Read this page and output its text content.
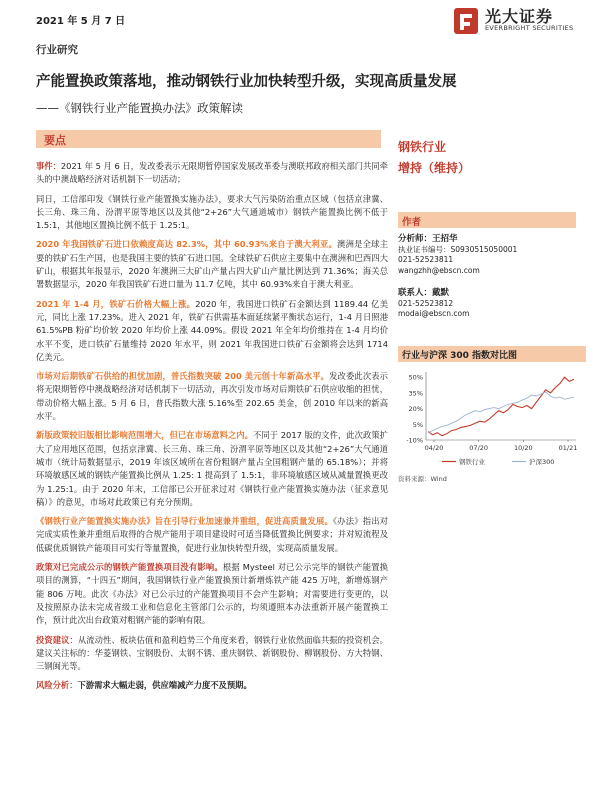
2021 年 5 月 7 日	光大证券
EVERBRIGHT SECURITIES
行业研究
产能置换政策落地，推动钢铁行业加快转型升级，实现高质量发展
——《钢铁行业产能置换办法》政策解读
要点

事件：2021 年 5 月 6 日，发改委表示无限期暂停国家发展改革委与澳联邦政府相关部门共同牵头的中澳战略经济对话机制下一切活动；

同日，工信部印发《钢铁行业产能置换实施办法》，要求大气污染防治重点区域（包括京津冀、长三角、珠三角、汾渭平原等地区以及其他“2+26”大气通道城市）钢铁产能置换比例不低于 1.5:1，其他地区置换比例不低于 1.25:1。

2020 年我国铁矿石进口依赖度高达 82.3%，其中 60.93%来自于澳大利亚。澳洲是全球主要的铁矿石生产国，也是我国主要的铁矿石进口国。全球铁矿石供应主要集中在澳洲和巴西四大矿山，根据其年报显示，2020 年澳洲三大矿山产量占四大矿山产量比例达到 71.36%；海关总署数据显示，2020 年我国铁矿石进口量为 11.7 亿吨，其中 60.93%来自于澳大利亚。

2021 年 1-4 月，铁矿石价格大幅上涨。2020 年，我国进口铁矿石金额达到 1189.44 亿美元，同比上涨 17.23%。进入 2021 年，铁矿石供需基本面延续紧平衡状态运行，1-4 月日照港 61.5%PB 粉矿均价较 2020 年均价上涨 44.09%。假设 2021 年全年均价维持在 1-4 月均价水平不变，进口铁矿石量维持 2020 年水平，则 2021 年我国进口铁矿石金额将会达到 1714 亿美元。

市场对后期铁矿石供给的担忧加剧，普氏指数突破 200 美元创十年新高水平。发改委此次表示将无限期暂停中澳战略经济对话机制下一切活动，再次引发市场对后期铁矿石供应收缩的担忧，带动价格大幅上涨。5 月 6 日，普氏指数大涨 5.16%至 202.65 美金，创 2010 年以来的新高水平。

新版政策较旧版相比影响范围增大，但已在市场意料之内。不同于 2017 版的文件，此次政策扩大了应用地区范围，包括京津冀、长三角、珠三角、汾渭平原等地区以及其他“2+26”大气通道城市（统计局数据显示，2019 年该区域所在省份粗钢产量占全国粗钢产量的 65.18%）；并将环境敏感区域的钢铁产能置换比例从 1.25: 1 提高到了 1.5:1，非环境敏感区域从减量置换更改为 1.25:1。由于 2020 年末，工信部已公开征求过对《钢铁行业产能置换实施办法（征求意见稿）》的意见，市场对此政策已有充分预期。

《钢铁行业产能置换实施办法》旨在引导行业加速兼并重组，促进高质量发展。《办法》指出对完成实质性兼并重组后取得的合规产能用于项目建设时可适当降低置换比例要求；并对短流程及低碳优质钢铁产能项目可实行等量置换，促进行业加快转型升级，实现高质量发展。

政策对已完成公示的钢铁产能置换项目没有影响。根据 Mysteel 对已公示完毕的钢铁产能置换项目的测算，“十四五”期间，我国钢铁行业产能置换预计新增炼铁产能 425 万吨，新增炼钢产能 806 万吨。此次《办法》对已公示过的产能置换项目不会产生影响；对需要进行变更的，以及按照原办法未完成省级工业和信息化主管部门公示的，均须遵照本办法重新开展产能置换工作，预计此次出台政策对粗钢产能的影响有限。

投资建议：从流动性、板块估值和盈利趋势三个角度来看，钢铁行业依然面临共振的投资机会。建议关注标的：华菱钢铁、宝钢股份、太钢不锈、重庆钢铁、新钢股份、柳钢股份、方大特钢、三钢闽光等。

风险分析：下游需求大幅走弱，供应端减产力度不及预期。

钢铁行业
增持（维持）
作者
分析师：王招华
执业证书编号：S0930515050001
021-52523811
wangzhh@ebscn.com
联系人：戴默
021-52523812
modai@ebscn.com
行业与沪深 300 指数对比图
-10%
5%
20%
35%
50%
04/20	07/20	10/20	01/21
钢铁行业	沪深300
资料来源：Wind
